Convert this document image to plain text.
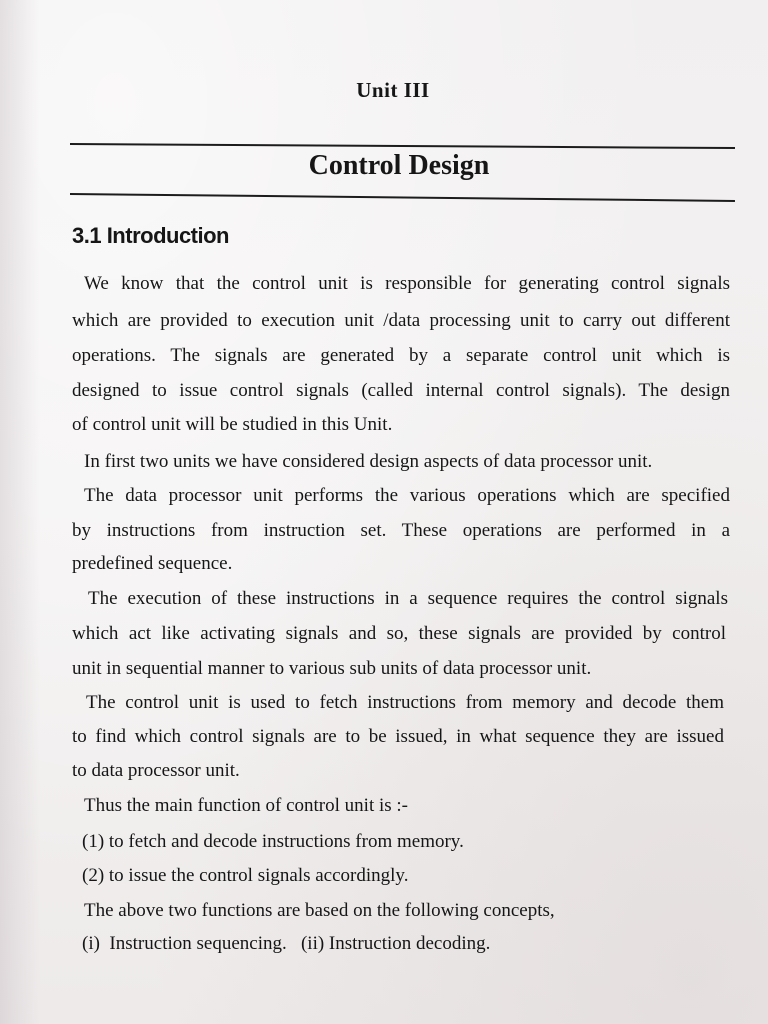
Unit III
Control Design
3.1 Introduction
We know that the control unit is responsible for generating control signals
which are provided to execution unit /data processing unit to carry out different
operations. The signals are generated by a separate control unit which is
designed to issue control signals (called internal control signals). The design
of control unit will be studied in this Unit.
In first two units we have considered design aspects of data processor unit.
The data processor unit performs the various operations which are specified
by instructions from instruction set. These operations are performed in a
predefined sequence.
The execution of these instructions in a sequence requires the control signals
which act like activating signals and so, these signals are provided by control
unit in sequential manner to various sub units of data processor unit.
The control unit is used to fetch instructions from memory and decode them
to find which control signals are to be issued, in what sequence they are issued
to data processor unit.
Thus the main function of control unit is :-
(1) to fetch and decode instructions from memory.
(2) to issue the control signals accordingly.
The above two functions are based on the following concepts,
(i)  Instruction sequencing.   (ii) Instruction decoding.
